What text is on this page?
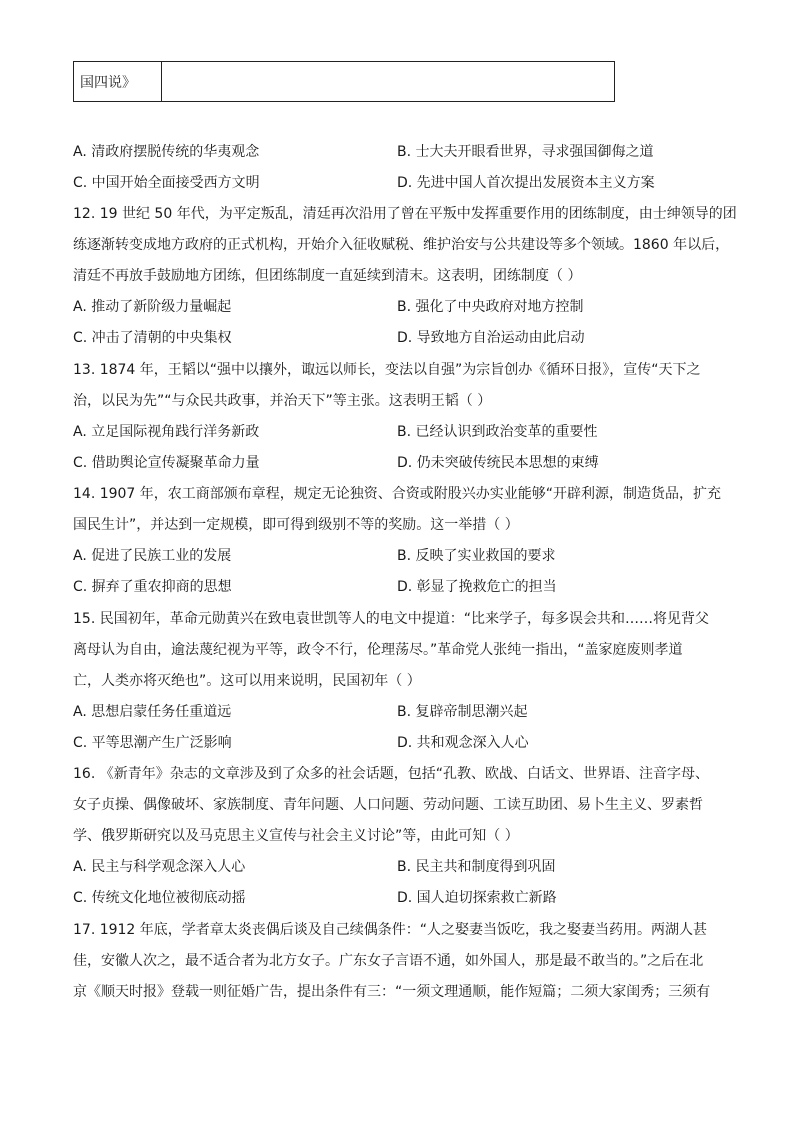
国四说》
A. 清政府摆脱传统的华夷观念	B. 士大夫开眼看世界，寻求强国御侮之道
C. 中国开始全面接受西方文明	D. 先进中国人首次提出发展资本主义方案
12. 19 世纪 50 年代，为平定叛乱，清廷再次沿用了曾在平叛中发挥重要作用的团练制度，由士绅领导的团
练逐渐转变成地方政府的正式机构，开始介入征收赋税、维护治安与公共建设等多个领域。1860 年以后，
清廷不再放手鼓励地方团练，但团练制度一直延续到清末。这表明，团练制度（ ）
A. 推动了新阶级力量崛起	B. 强化了中央政府对地方控制
C. 冲击了清朝的中央集权	D. 导致地方自治运动由此启动
13. 1874 年，王韬以“强中以攘外，诹远以师长，变法以自强”为宗旨创办《循环日报》，宣传“天下之
治，以民为先”“与众民共政事，并治天下”等主张。这表明王韬（ ）
A. 立足国际视角践行洋务新政	B. 已经认识到政治变革的重要性
C. 借助舆论宣传凝聚革命力量	D. 仍未突破传统民本思想的束缚
14. 1907 年，农工商部颁布章程，规定无论独资、合资或附股兴办实业能够“开辟利源，制造货品，扩充
国民生计”，并达到一定规模，即可得到级别不等的奖励。这一举措（ ）
A. 促进了民族工业的发展	B. 反映了实业救国的要求
C. 摒弃了重农抑商的思想	D. 彰显了挽救危亡的担当
15. 民国初年，革命元勋黄兴在致电袁世凯等人的电文中提道：“比来学子，每多误会共和……将见背父
离母认为自由，逾法蔑纪视为平等，政令不行，伦理荡尽。”革命党人张纯一指出，“盖家庭废则孝道
亡，人类亦将灭绝也”。这可以用来说明，民国初年（ ）
A. 思想启蒙任务任重道远	B. 复辟帝制思潮兴起
C. 平等思潮产生广泛影响	D. 共和观念深入人心
16. 《新青年》杂志的文章涉及到了众多的社会话题，包括“孔教、欧战、白话文、世界语、注音字母、
女子贞操、偶像破坏、家族制度、青年问题、人口问题、劳动问题、工读互助团、易卜生主义、罗素哲
学、俄罗斯研究以及马克思主义宣传与社会主义讨论”等，由此可知（ ）
A. 民主与科学观念深入人心	B. 民主共和制度得到巩固
C. 传统文化地位被彻底动摇	D. 国人迫切探索救亡新路
17. 1912 年底，学者章太炎丧偶后谈及自己续偶条件：“人之娶妻当饭吃，我之娶妻当药用。两湖人甚
佳，安徽人次之，最不适合者为北方女子。广东女子言语不通，如外国人，那是最不敢当的。”之后在北
京《顺天时报》登载一则征婚广告，提出条件有三：“一须文理通顺，能作短篇；二须大家闺秀；三须有
